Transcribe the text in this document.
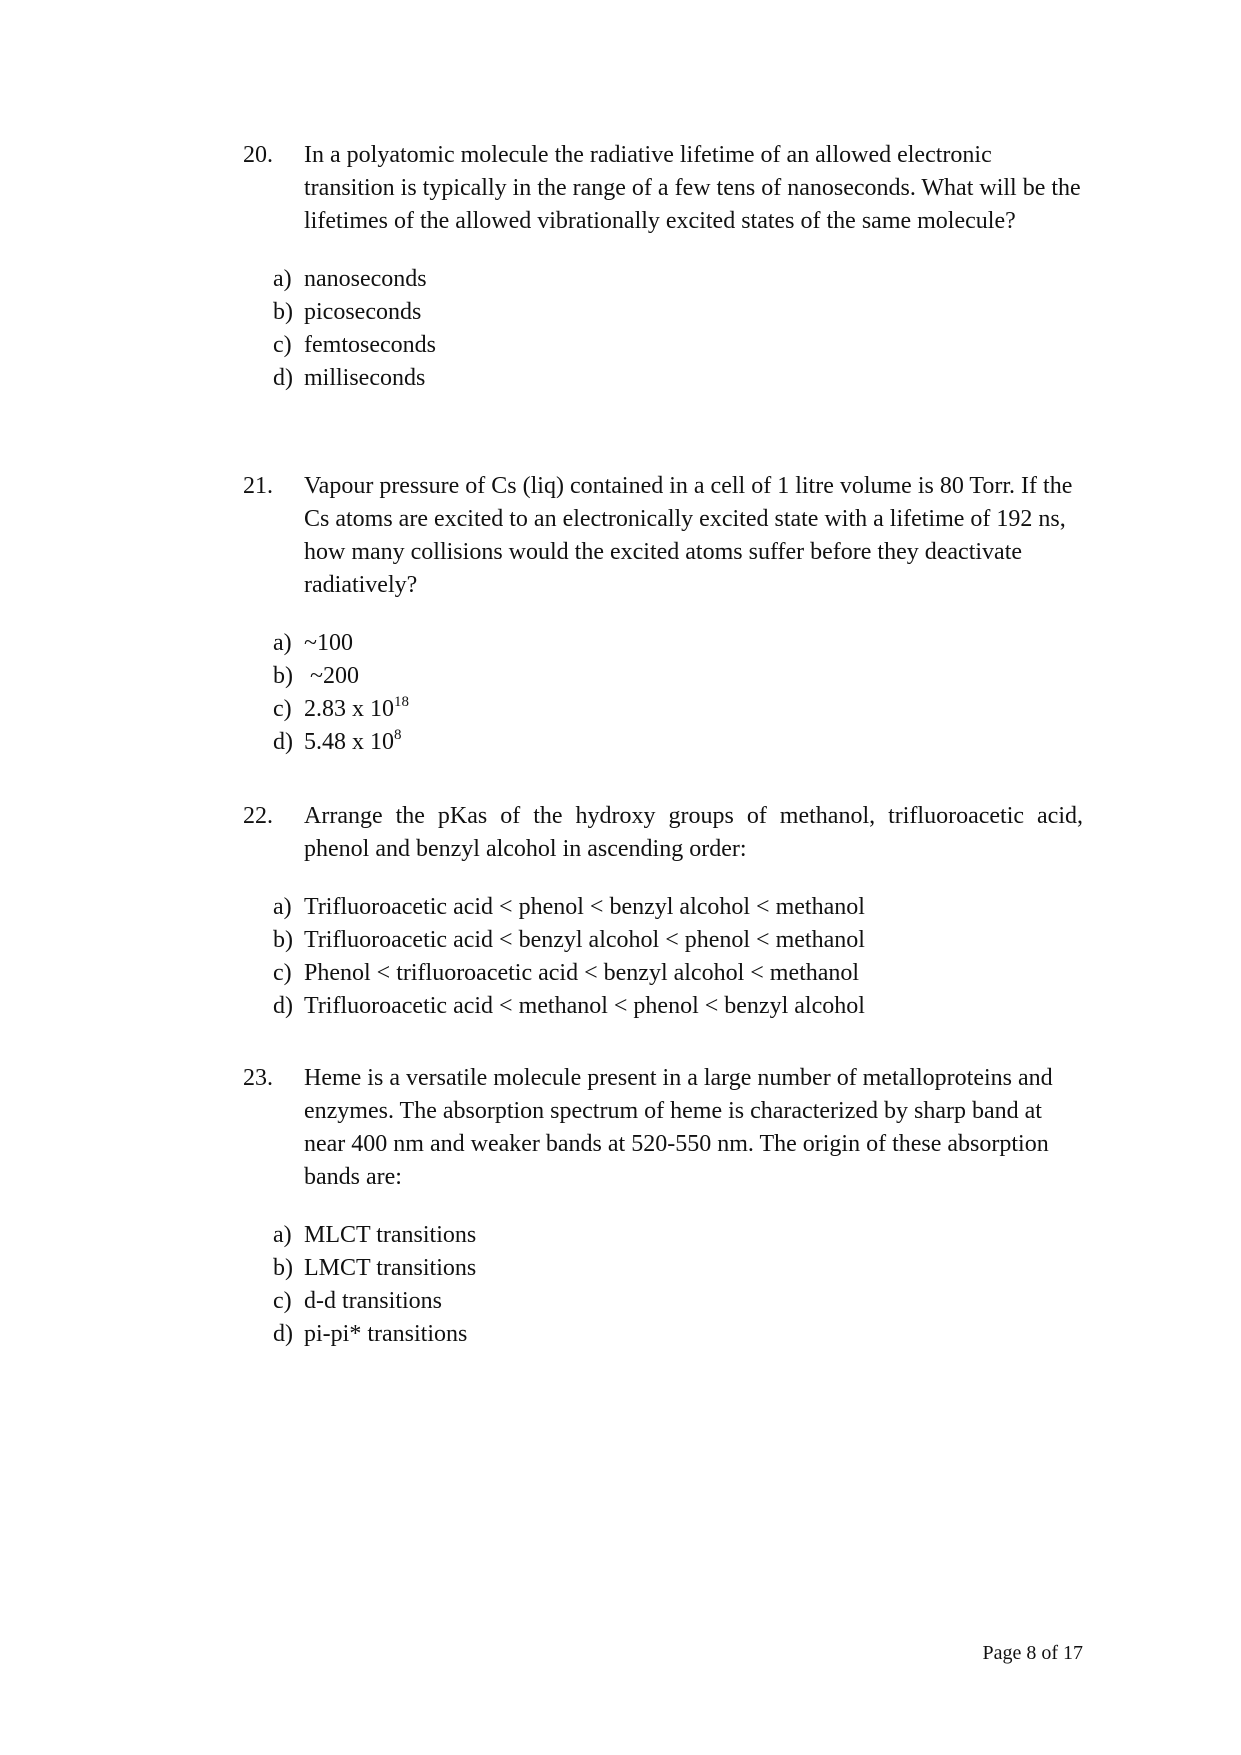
20. In a polyatomic molecule the radiative lifetime of an allowed electronic transition is typically in the range of a few tens of nanoseconds. What will be the lifetimes of the allowed vibrationally excited states of the same molecule?
a) nanoseconds
b) picoseconds
c) femtoseconds
d) milliseconds
21. Vapour pressure of Cs (liq) contained in a cell of 1 litre volume is 80 Torr. If the Cs atoms are excited to an electronically excited state with a lifetime of 192 ns, how many collisions would the excited atoms suffer before they deactivate radiatively?
a) ~100
b) ~200
c) 2.83 x $10^{18}$
d) 5.48 x $10^8$
22. Arrange the pKas of the hydroxy groups of methanol, trifluoroacetic acid, phenol and benzyl alcohol in ascending order:
a) Trifluoroacetic acid < phenol < benzyl alcohol < methanol
b) Trifluoroacetic acid < benzyl alcohol < phenol < methanol
c) Phenol < trifluoroacetic acid < benzyl alcohol < methanol
d) Trifluoroacetic acid < methanol < phenol < benzyl alcohol
23. Heme is a versatile molecule present in a large number of metalloproteins and enzymes. The absorption spectrum of heme is characterized by sharp band at near 400 nm and weaker bands at 520-550 nm. The origin of these absorption bands are:
a) MLCT transitions
b) LMCT transitions
c) d-d transitions
d) pi-pi* transitions
Page 8 of 17
